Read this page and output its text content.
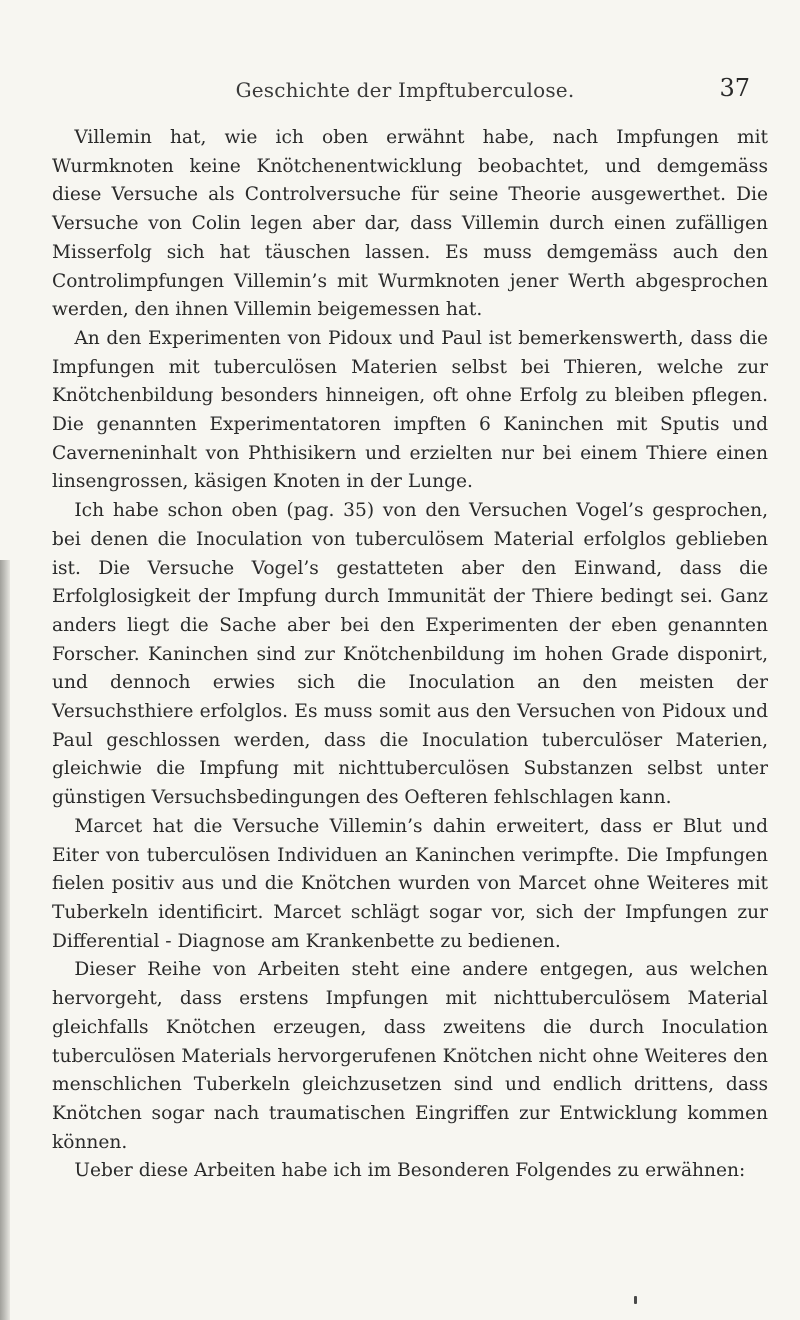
Geschichte der Impftuberculose.	37

Villemin hat, wie ich oben erwähnt habe, nach Impfungen mit Wurmknoten keine Knötchenentwicklung beobachtet, und demgemäss diese Versuche als Controlversuche für seine Theorie ausgewerthet. Die Versuche von Colin legen aber dar, dass Villemin durch einen zufälligen Misserfolg sich hat täuschen lassen. Es muss demgemäss auch den Controlimpfungen Villemin’s mit Wurmknoten jener Werth abgesprochen werden, den ihnen Villemin beigemessen hat.

An den Experimenten von Pidoux und Paul ist bemerkenswerth, dass die Impfungen mit tuberculösen Materien selbst bei Thieren, welche zur Knötchenbildung besonders hinneigen, oft ohne Erfolg zu bleiben pflegen. Die genannten Experimentatoren impften 6 Kaninchen mit Sputis und Caverneninhalt von Phthisikern und erzielten nur bei einem Thiere einen linsengrossen, käsigen Knoten in der Lunge.

Ich habe schon oben (pag. 35) von den Versuchen Vogel’s gesprochen, bei denen die Inoculation von tuberculösem Material erfolglos geblieben ist. Die Versuche Vogel’s gestatteten aber den Einwand, dass die Erfolglosigkeit der Impfung durch Immunität der Thiere bedingt sei. Ganz anders liegt die Sache aber bei den Experimenten der eben genannten Forscher. Kaninchen sind zur Knötchenbildung im hohen Grade disponirt, und dennoch erwies sich die Inoculation an den meisten der Versuchsthiere erfolglos. Es muss somit aus den Versuchen von Pidoux und Paul geschlossen werden, dass die Inoculation tuberculöser Materien, gleichwie die Impfung mit nichttuberculösen Substanzen selbst unter günstigen Versuchsbedingungen des Oefteren fehlschlagen kann.

Marcet hat die Versuche Villemin’s dahin erweitert, dass er Blut und Eiter von tuberculösen Individuen an Kaninchen verimpfte. Die Impfungen fielen positiv aus und die Knötchen wurden von Marcet ohne Weiteres mit Tuberkeln identificirt. Marcet schlägt sogar vor, sich der Impfungen zur Differential - Diagnose am Krankenbette zu bedienen.

Dieser Reihe von Arbeiten steht eine andere entgegen, aus welchen hervorgeht, dass erstens Impfungen mit nichttuberculösem Material gleichfalls Knötchen erzeugen, dass zweitens die durch Inoculation tuberculösen Materials hervorgerufenen Knötchen nicht ohne Weiteres den menschlichen Tuberkeln gleichzusetzen sind und endlich drittens, dass Knötchen sogar nach traumatischen Eingriffen zur Entwicklung kommen können.

Ueber diese Arbeiten habe ich im Besonderen Folgendes zu erwähnen:
